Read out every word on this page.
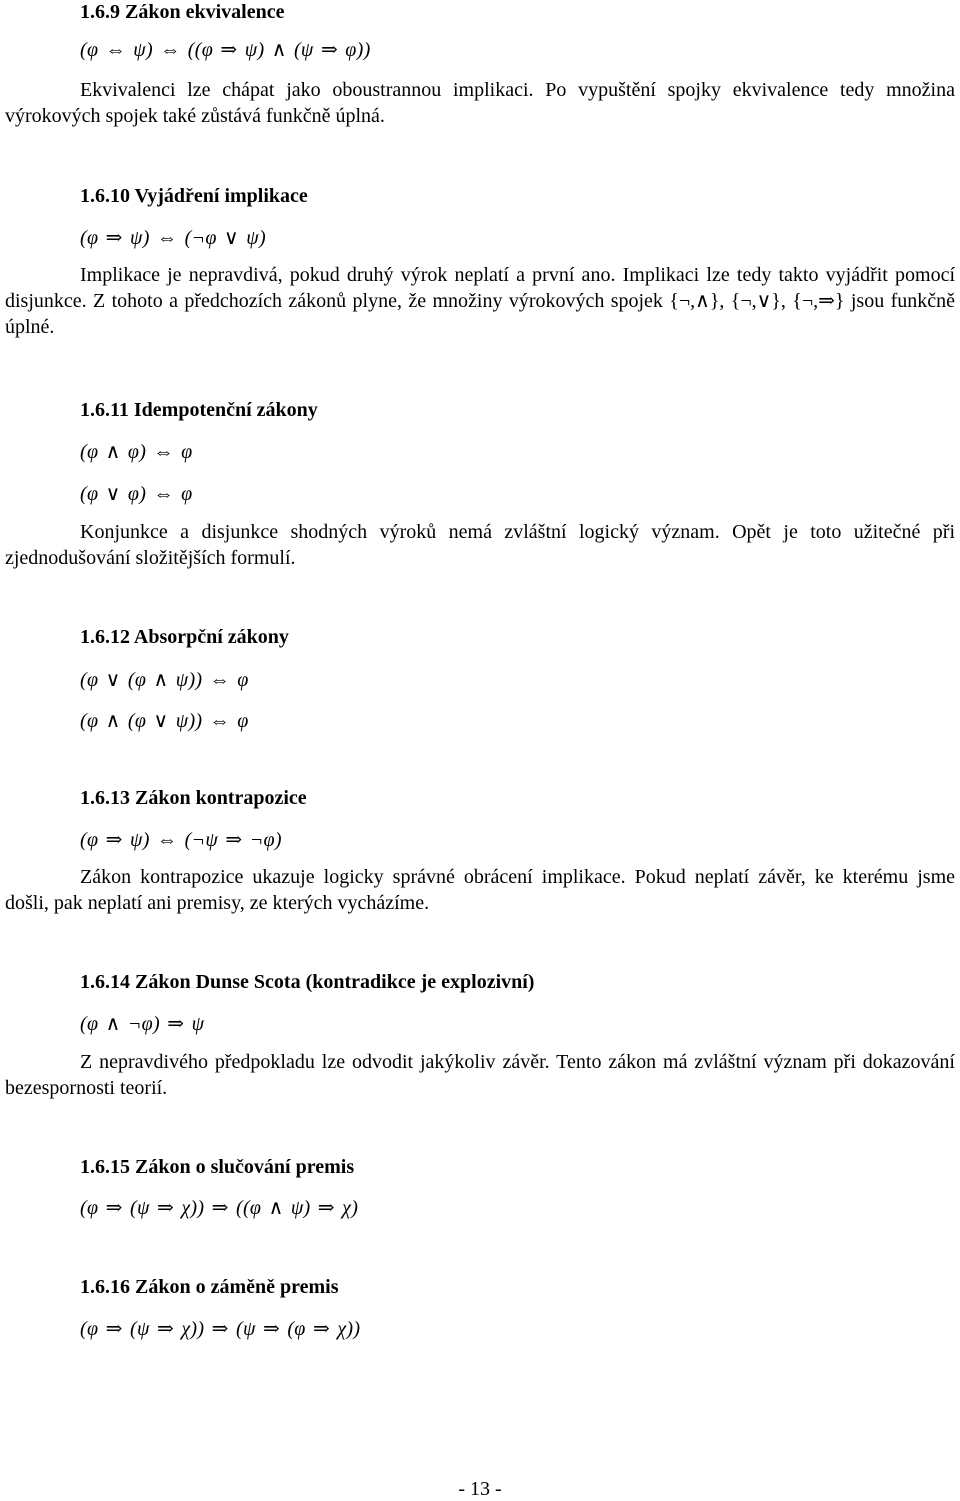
1.6.9 Zákon ekvivalence
(φ ⇔ ψ) ⇔ ((φ ⇒ ψ) ∧ (ψ ⇒ φ))
Ekvivalenci lze chápat jako oboustrannou implikaci. Po vypuštění spojky ekvivalence tedy množina výrokových spojek také zůstává funkčně úplná.
1.6.10 Vyjádření implikace
(φ ⇒ ψ) ⇔ (¬φ ∨ ψ)
Implikace je nepravdivá, pokud druhý výrok neplatí a první ano. Implikaci lze tedy takto vyjádřit pomocí disjunkce. Z tohoto a předchozích zákonů plyne, že množiny výrokových spojek {¬,∧}, {¬,∨}, {¬,⇒} jsou funkčně úplné.
1.6.11 Idempotenční zákony
(φ ∧ φ) ⇔ φ
(φ ∨ φ) ⇔ φ
Konjunkce a disjunkce shodných výroků nemá zvláštní logický význam. Opět je toto užitečné při zjednodušování složitějších formulí.
1.6.12 Absorpční zákony
(φ ∨ (φ ∧ ψ)) ⇔ φ
(φ ∧ (φ ∨ ψ)) ⇔ φ
1.6.13 Zákon kontrapozice
(φ ⇒ ψ) ⇔ (¬ψ ⇒ ¬φ)
Zákon kontrapozice ukazuje logicky správné obrácení implikace. Pokud neplatí závěr, ke kterému jsme došli, pak neplatí ani premisy, ze kterých vycházíme.
1.6.14 Zákon Dunse Scota (kontradikce je explozivní)
(φ ∧ ¬φ) ⇒ ψ
Z nepravdivého předpokladu lze odvodit jakýkoliv závěr. Tento zákon má zvláštní význam při dokazování bezespornosti teorií.
1.6.15 Zákon o slučování premis
(φ ⇒ (ψ ⇒ χ)) ⇒ ((φ ∧ ψ) ⇒ χ)
1.6.16 Zákon o záměně premis
(φ ⇒ (ψ ⇒ χ)) ⇒ (ψ ⇒ (φ ⇒ χ))
- 13 -
